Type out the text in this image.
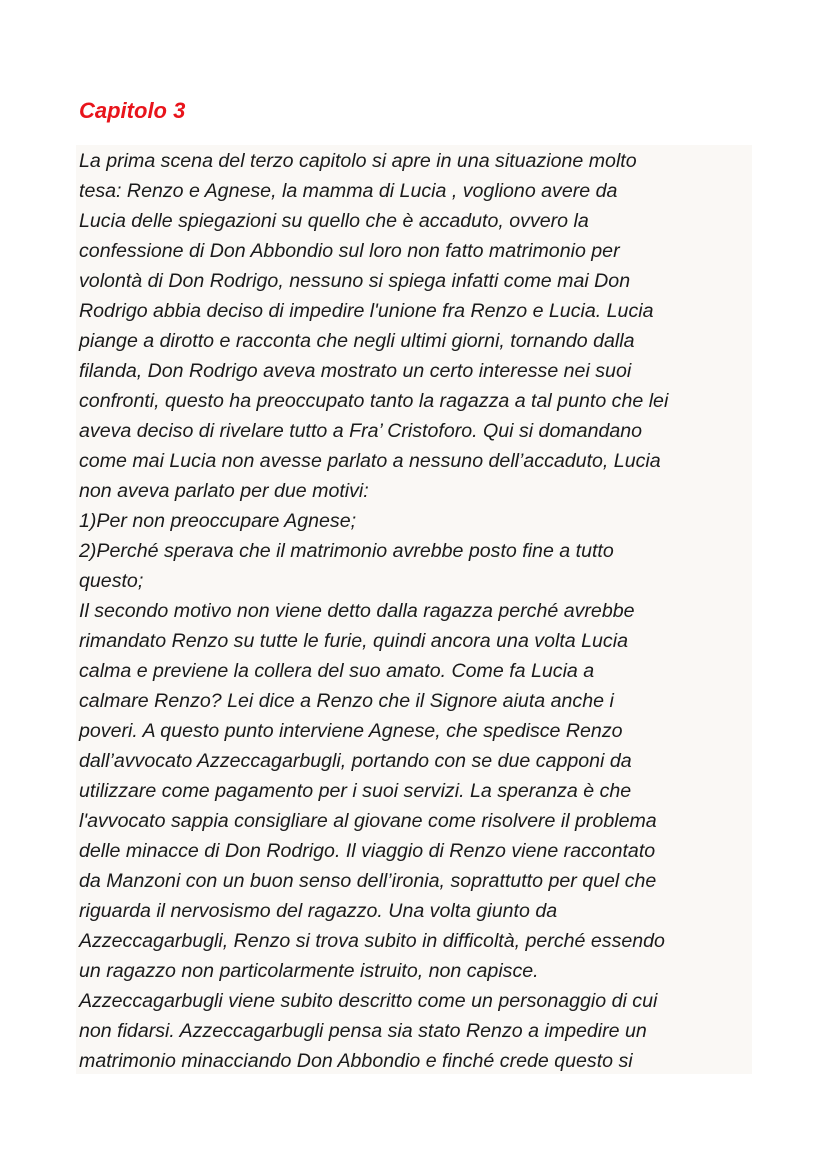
Capitolo 3
La prima scena del terzo capitolo si apre in una situazione molto
tesa: Renzo e Agnese, la mamma di Lucia , vogliono avere da
Lucia delle spiegazioni su quello che è accaduto, ovvero la
confessione di Don Abbondio sul loro non fatto matrimonio per
volontà di Don Rodrigo, nessuno si spiega infatti come mai Don
Rodrigo abbia deciso di impedire l'unione fra Renzo e Lucia. Lucia
piange a dirotto e racconta che negli ultimi giorni, tornando dalla
filanda, Don Rodrigo aveva mostrato un certo interesse nei suoi
confronti, questo ha preoccupato tanto la ragazza a tal punto che lei
aveva deciso di rivelare tutto a Fra’ Cristoforo. Qui si domandano
come mai Lucia non avesse parlato a nessuno dell’accaduto, Lucia
non aveva parlato per due motivi:
1)Per non preoccupare Agnese;
2)Perché sperava che il matrimonio avrebbe posto fine a tutto
questo;
Il secondo motivo non viene detto dalla ragazza perché avrebbe
rimandato Renzo su tutte le furie, quindi ancora una volta Lucia
calma e previene la collera del suo amato. Come fa Lucia a
calmare Renzo? Lei dice a Renzo che il Signore aiuta anche i
poveri. A questo punto interviene Agnese, che spedisce Renzo
dall’avvocato Azzeccagarbugli, portando con se due capponi da
utilizzare come pagamento per i suoi servizi. La speranza è che
l'avvocato sappia consigliare al giovane come risolvere il problema
delle minacce di Don Rodrigo. Il viaggio di Renzo viene raccontato
da Manzoni con un buon senso dell’ironia, soprattutto per quel che
riguarda il nervosismo del ragazzo. Una volta giunto da
Azzeccagarbugli, Renzo si trova subito in difficoltà, perché essendo
un ragazzo non particolarmente istruito, non capisce.
Azzeccagarbugli viene subito descritto come un personaggio di cui
non fidarsi. Azzeccagarbugli pensa sia stato Renzo a impedire un
matrimonio minacciando Don Abbondio e finché crede questo si
